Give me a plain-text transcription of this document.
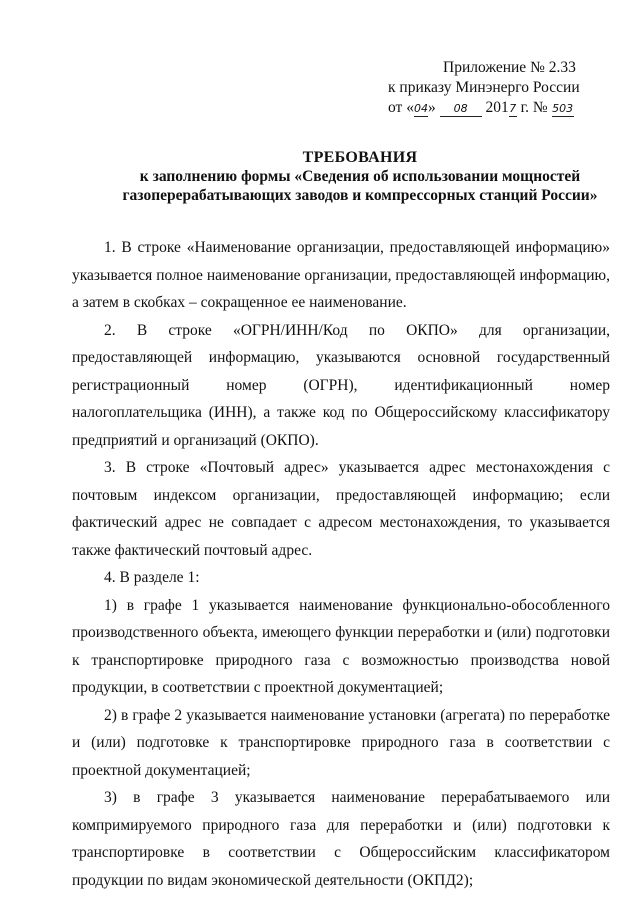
Приложение № 2.33
к приказу Минэнерго России
от «04» 08 2017 г. № 503
ТРЕБОВАНИЯ
к заполнению формы «Сведения об использовании мощностей
газоперерабатывающих заводов и компрессорных станций России»

1. В строке «Наименование организации, предоставляющей информацию» указывается полное наименование организации, предоставляющей информацию, а затем в скобках – сокращенное ее наименование.

2. В строке «ОГРН/ИНН/Код по ОКПО» для организации, предоставляющей информацию, указываются основной государственный регистрационный номер (ОГРН), идентификационный номер налогоплательщика (ИНН), а также код по Общероссийскому классификатору предприятий и организаций (ОКПО).

3. В строке «Почтовый адрес» указывается адрес местонахождения с почтовым индексом организации, предоставляющей информацию; если фактический адрес не совпадает с адресом местонахождения, то указывается также фактический почтовый адрес.

4. В разделе 1:

1) в графе 1 указывается наименование функционально-обособленного производственного объекта, имеющего функции переработки и (или) подготовки к транспортировке природного газа с возможностью производства новой продукции, в соответствии с проектной документацией;

2) в графе 2 указывается наименование установки (агрегата) по переработке и (или) подготовке к транспортировке природного газа в соответствии с проектной документацией;

3) в графе 3 указывается наименование перерабатываемого или компримируемого природного газа для переработки и (или) подготовки к транспортировке в соответствии с Общероссийским классификатором продукции по видам экономической деятельности (ОКПД2);
